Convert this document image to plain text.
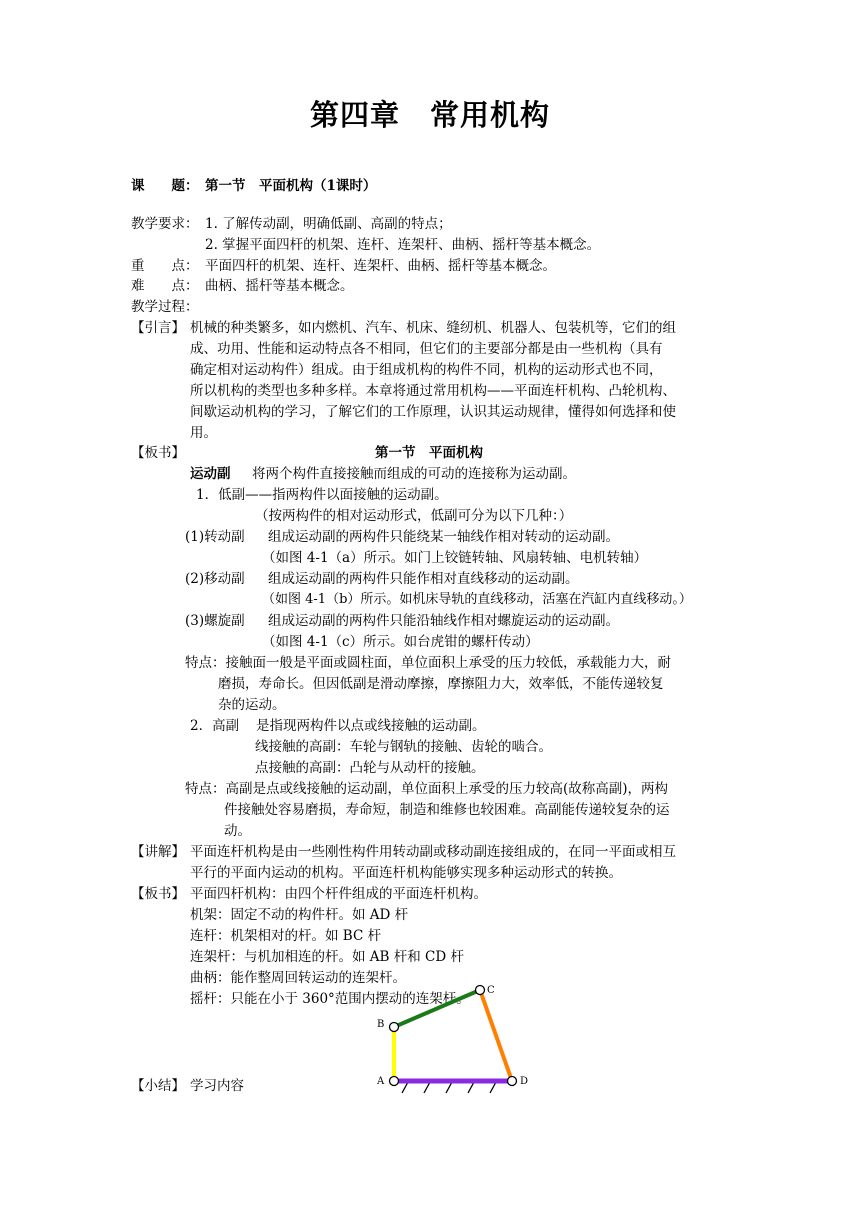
第四章　常用机构
课　　题： 第一节　平面机构（1课时）
教学要求： 1. 了解传动副，明确低副、高副的特点；
2. 掌握平面四杆的机架、连杆、连架杆、曲柄、摇杆等基本概念。
重　　点： 平面四杆的机架、连杆、连架杆、曲柄、摇杆等基本概念。
难　　点： 曲柄、摇杆等基本概念。
教学过程：
【引言】 机械的种类繁多，如内燃机、汽车、机床、缝纫机、机器人、包装机等，它们的组
成、功用、性能和运动特点各不相同，但它们的主要部分都是由一些机构（具有
确定相对运动构件）组成。由于组成机构的构件不同，机构的运动形式也不同，
所以机构的类型也多种多样。本章将通过常用机构——平面连杆机构、凸轮机构、
间歇运动机构的学习，了解它们的工作原理，认识其运动规律，懂得如何选择和使
用。
【板书】	第一节　平面机构
运动副 将两个构件直接接触而组成的可动的连接称为运动副。
1．低副——指两构件以面接触的运动副。
（按两构件的相对运动形式，低副可分为以下几种：）
(1)转动副 组成运动副的两构件只能绕某一轴线作相对转动的运动副。
（如图 4-1（a）所示。如门上铰链转轴、风扇转轴、电机转轴）
(2)移动副 组成运动副的两构件只能作相对直线移动的运动副。
（如图 4-1（b）所示。如机床导轨的直线移动，活塞在汽缸内直线移动。）
(3)螺旋副 组成运动副的两构件只能沿轴线作相对螺旋运动的运动副。
（如图 4-1（c）所示。如台虎钳的螺杆传动）
特点：接触面一般是平面或圆柱面，单位面积上承受的压力较低，承载能力大，耐
磨损，寿命长。但因低副是滑动摩擦，摩擦阻力大，效率低，不能传递较复
杂的运动。
2．高副 是指现两构件以点或线接触的运动副。
线接触的高副：车轮与钢轨的接触、齿轮的啮合。
点接触的高副：凸轮与从动杆的接触。
特点：高副是点或线接触的运动副，单位面积上承受的压力较高(故称高副)，两构
件接触处容易磨损，寿命短，制造和维修也较困难。高副能传递较复杂的运
动。
【讲解】 平面连杆机构是由一些刚性构件用转动副或移动副连接组成的，在同一平面或相互
平行的平面内运动的机构。平面连杆机构能够实现多种运动形式的转换。
【板书】 平面四杆机构：由四个杆件组成的平面连杆机构。
机架：固定不动的构件杆。如 AD 杆
连杆：机架相对的杆。如 BC 杆
连架杆：与机加相连的杆。如 AB 杆和 CD 杆
曲柄：能作整周回转运动的连架杆。
摇杆：只能在小于 360°范围内摆动的连架杆。
【小结】 学习内容	A
B
C
D
